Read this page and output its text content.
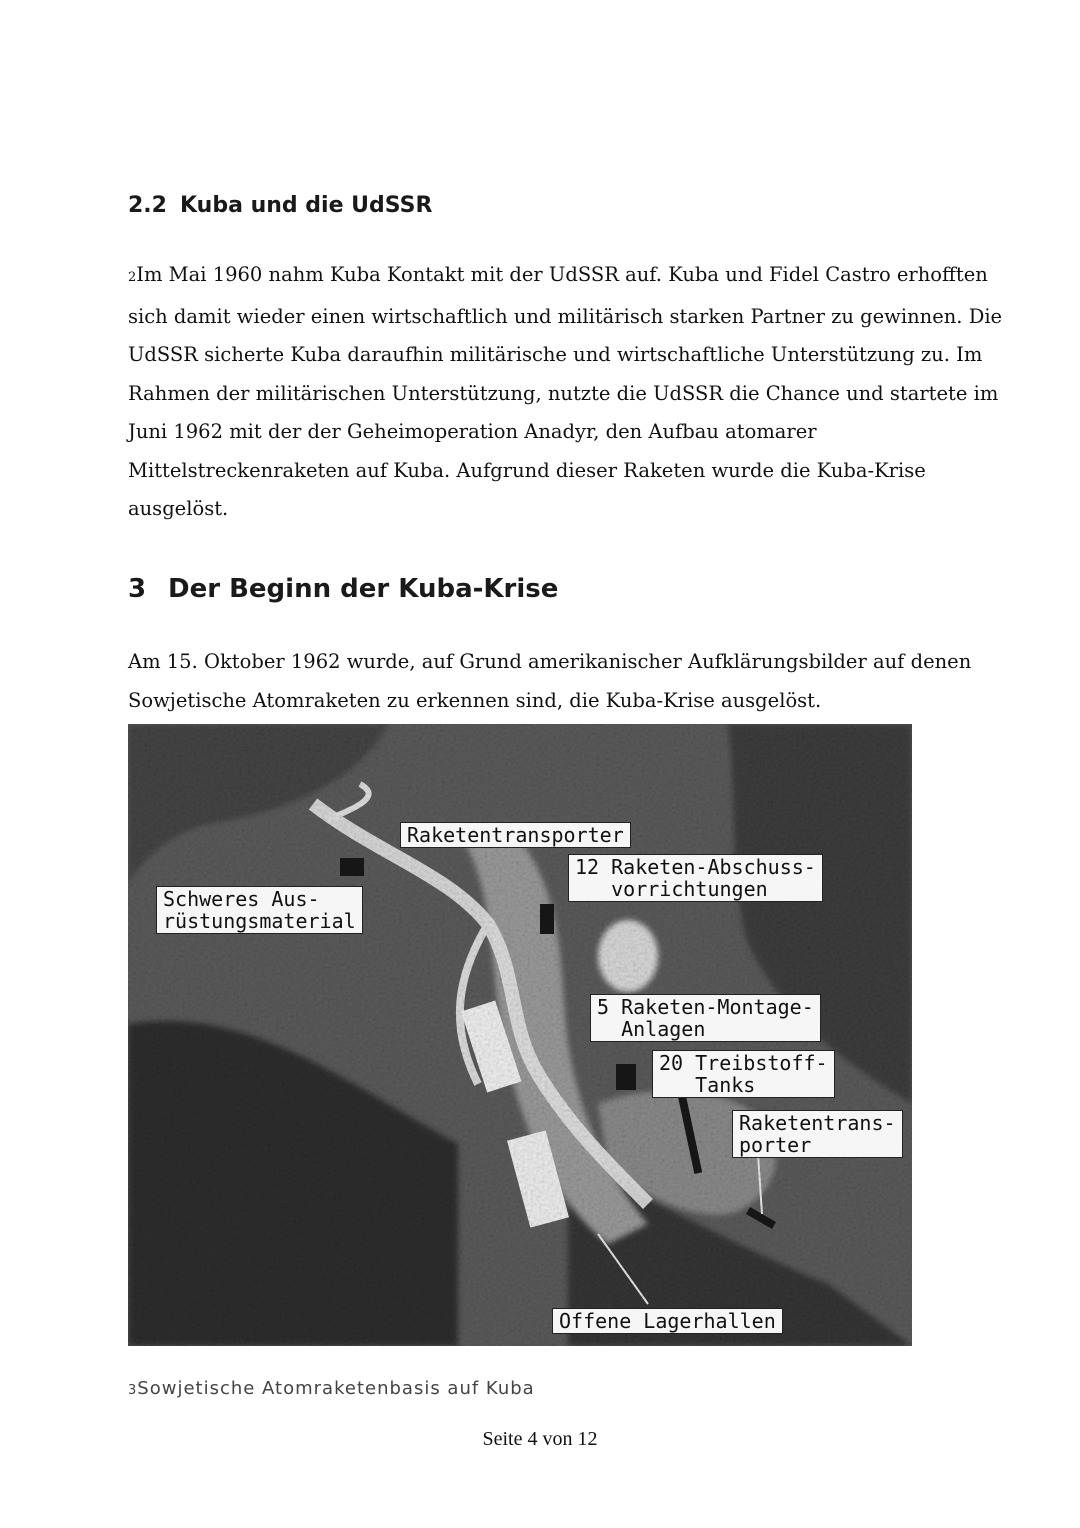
2.2 Kuba und die UdSSR

2Im Mai 1960 nahm Kuba Kontakt mit der UdSSR auf. Kuba und Fidel Castro erhofften
sich damit wieder einen wirtschaftlich und militärisch starken Partner zu gewinnen. Die
UdSSR sicherte Kuba daraufhin militärische und wirtschaftliche Unterstützung zu. Im
Rahmen der militärischen Unterstützung, nutzte die UdSSR die Chance und startete im
Juni 1962 mit der der Geheimoperation Anadyr, den Aufbau atomarer
Mittelstreckenraketen auf Kuba. Aufgrund dieser Raketen wurde die Kuba-Krise
ausgelöst.

3 Der Beginn der Kuba-Krise

Am 15. Oktober 1962 wurde, auf Grund amerikanischer Aufklärungsbilder auf denen
Sowjetische Atomraketen zu erkennen sind, die Kuba-Krise ausgelöst.

Raketentransporter
12 Raketen-Abschuss-
vorrichtungen
Schweres Aus-
rüstungsmaterial
5 Raketen-Montage-
Anlagen
20 Treibstoff-
Tanks
Raketentrans-
porter
Offene Lagerhallen

3Sowjetische Atomraketenbasis auf Kuba

Seite 4 von 12
